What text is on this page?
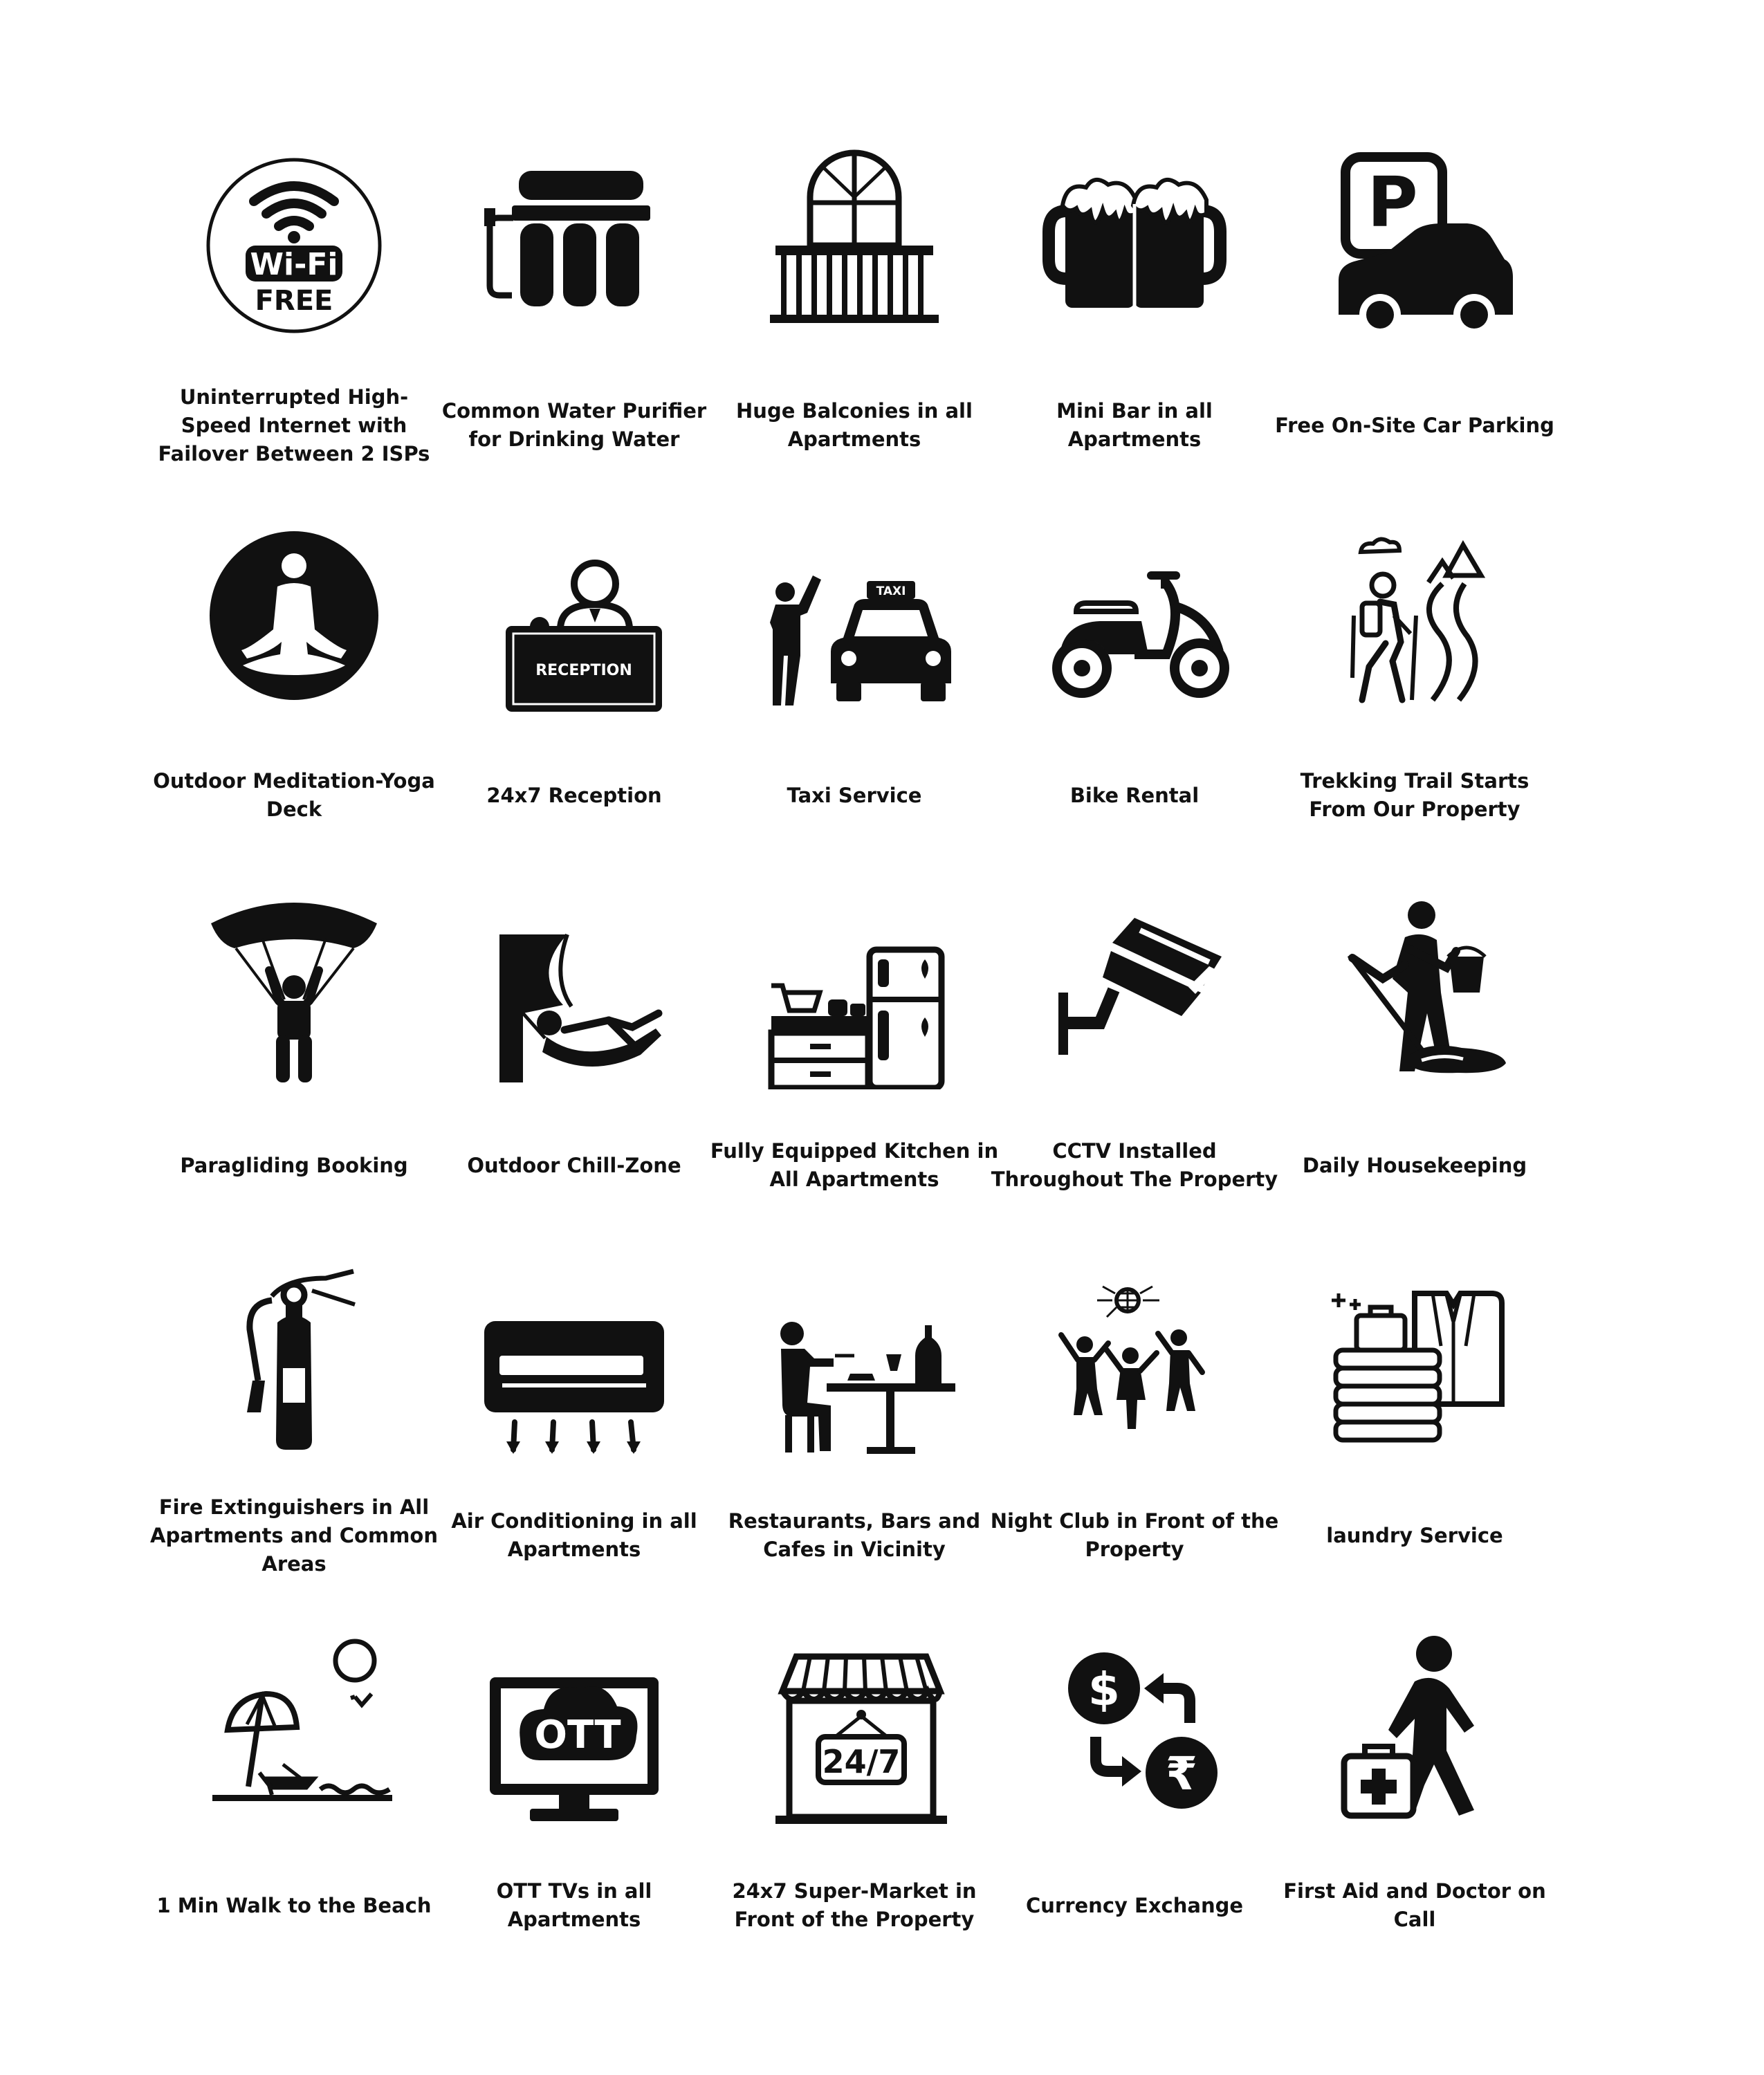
Wi-Fi
FREE
Uninterrupted High-Speed Internet with Failover Between 2 ISPs
Common Water Purifier for Drinking Water
Huge Balconies in all Apartments
Mini Bar in all Apartments
P
Free On-Site Car Parking
Outdoor Meditation-Yoga Deck
RECEPTION
24x7 Reception
TAXI
Taxi Service	Bike Rental
Trekking Trail Starts From Our Property
Paragliding Booking	Outdoor Chill-Zone
Fully Equipped Kitchen in All Apartments
CCTV Installed Throughout The Property
Daily Housekeeping
Fire Extinguishers in All Apartments and Common Areas
Air Conditioning in all Apartments
Restaurants, Bars and Cafes in Vicinity
Night Club in Front of the Property
laundry Service
1 Min Walk to the Beach
OTT
OTT TVs in all Apartments
24/7
24x7 Super-Market in Front of the Property
$
₹
Currency Exchange
First Aid and Doctor on Call
